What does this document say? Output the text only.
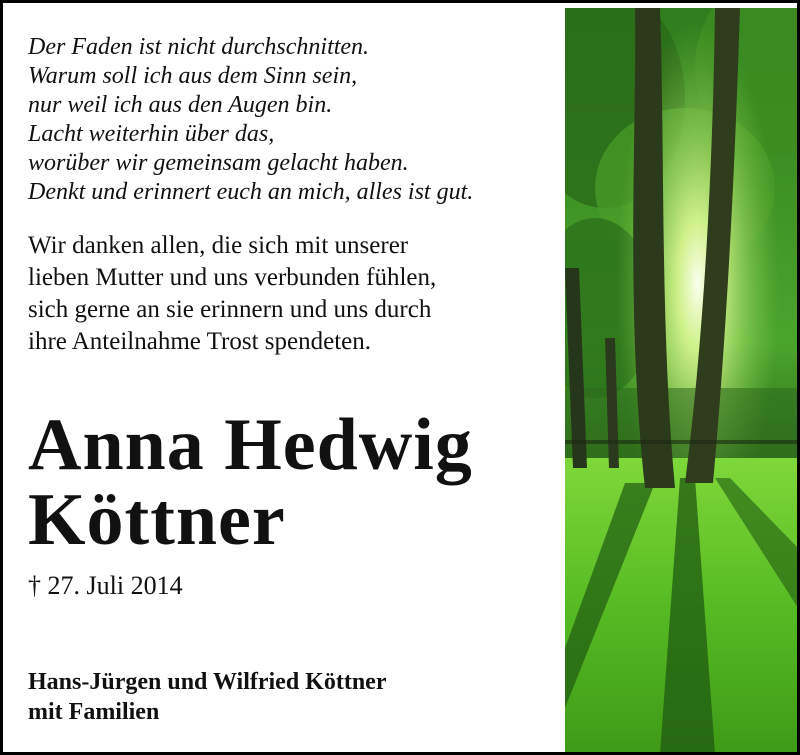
Der Faden ist nicht durchschnitten.
Warum soll ich aus dem Sinn sein,
nur weil ich aus den Augen bin.
Lacht weiterhin über das,
worüber wir gemeinsam gelacht haben.
Denkt und erinnert euch an mich, alles ist gut.
Wir danken allen, die sich mit unserer
lieben Mutter und uns verbunden fühlen,
sich gerne an sie erinnern und uns durch
ihre Anteilnahme Trost spendeten.
Anna Hedwig
Köttner
† 27. Juli 2014
Hans-Jürgen und Wilfried Köttner
mit Familien
